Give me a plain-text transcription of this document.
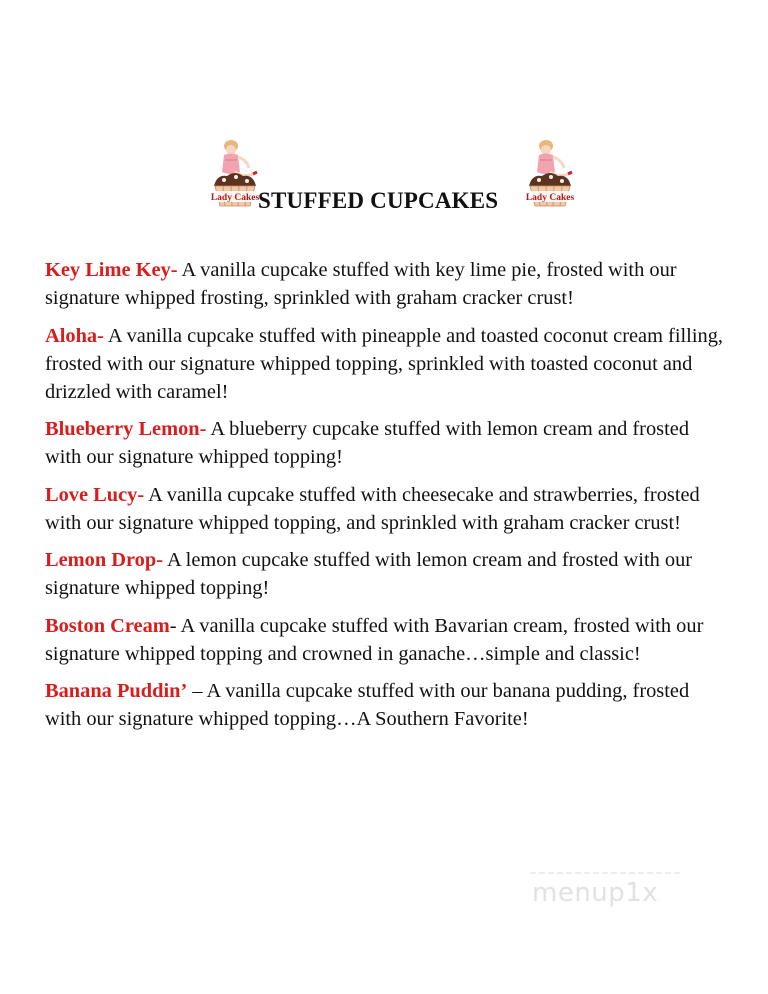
Lady Cakes
STUFFED CUPCAKES	Lady Cakes

Key Lime Key- A vanilla cupcake stuffed with key lime pie, frosted with our signature whipped frosting, sprinkled with graham cracker crust!

Aloha- A vanilla cupcake stuffed with pineapple and toasted coconut cream filling, frosted with our signature whipped topping, sprinkled with toasted coconut and drizzled with caramel!

Blueberry Lemon- A blueberry cupcake stuffed with lemon cream and frosted with our signature whipped topping!

Love Lucy- A vanilla cupcake stuffed with cheesecake and strawberries, frosted with our signature whipped topping, and sprinkled with graham cracker crust!

Lemon Drop- A lemon cupcake stuffed with lemon cream and frosted with our signature whipped topping!

Boston Cream- A vanilla cupcake stuffed with Bavarian cream, frosted with our signature whipped topping and crowned in ganache…simple and classic!

Banana Puddin’ – A vanilla cupcake stuffed with our banana pudding, frosted with our signature whipped topping…A Southern Favorite!

menup1x
